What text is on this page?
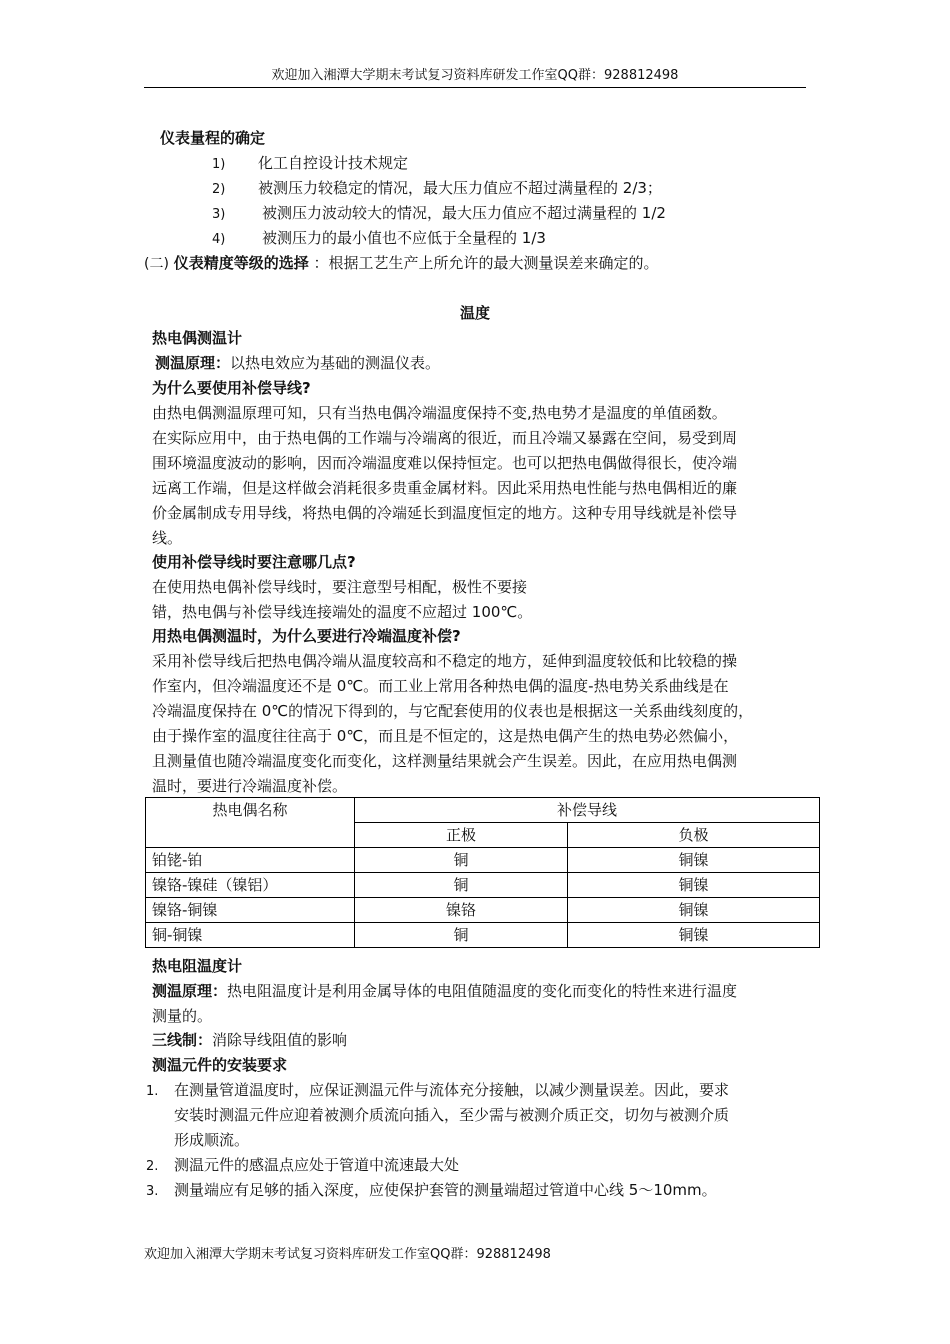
欢迎加入湘潭大学期末考试复习资料库研发工作室QQ群：928812498
仪表量程的确定
1) 化工自控设计技术规定
2) 被测压力较稳定的情况，最大压力值应不超过满量程的 2/3；
3) 被测压力波动较大的情况，最大压力值应不超过满量程的 1/2
4) 被测压力的最小值也不应低于全量程的 1/3
(二) 仪表精度等级的选择 ：根据工艺生产上所允许的最大测量误差来确定的。
温度
热电偶测温计
测温原理：以热电效应为基础的测温仪表。
为什么要使用补偿导线?
由热电偶测温原理可知，只有当热电偶冷端温度保持不变,热电势才是温度的单值函数。
在实际应用中，由于热电偶的工作端与冷端离的很近，而且冷端又暴露在空间，易受到周
围环境温度波动的影响，因而冷端温度难以保持恒定。也可以把热电偶做得很长，使冷端
远离工作端，但是这样做会消耗很多贵重金属材料。因此采用热电性能与热电偶相近的廉
价金属制成专用导线，将热电偶的冷端延长到温度恒定的地方。这种专用导线就是补偿导
线。
使用补偿导线时要注意哪几点?
在使用热电偶补偿导线时，要注意型号相配，极性不要接
错，热电偶与补偿导线连接端处的温度不应超过 100℃。
用热电偶测温时，为什么要进行冷端温度补偿?
采用补偿导线后把热电偶冷端从温度较高和不稳定的地方，延伸到温度较低和比较稳的操
作室内，但冷端温度还不是 0℃。而工业上常用各种热电偶的温度-热电势关系曲线是在
冷端温度保持在 0℃的情况下得到的，与它配套使用的仪表也是根据这一关系曲线刻度的，
由于操作室的温度往往高于 0℃，而且是不恒定的，这是热电偶产生的热电势必然偏小，
且测量值也随冷端温度变化而变化，这样测量结果就会产生误差。因此，在应用热电偶测
温时，要进行冷端温度补偿。
热电偶名称	补偿导线	
	正极	负极
铂铑-铂	铜	铜镍
镍铬-镍硅（镍铝）	铜	铜镍
镍铬-铜镍	镍铬	铜镍
铜-铜镍	铜	铜镍
热电阻温度计
测温原理：热电阻温度计是利用金属导体的电阻值随温度的变化而变化的特性来进行温度
测量的。
三线制：消除导线阻值的影响
测温元件的安装要求
1.	在测量管道温度时，应保证测温元件与流体充分接触，以减少测量误差。因此，要求
安装时测温元件应迎着被测介质流向插入，至少需与被测介质正交，切勿与被测介质
形成顺流。
2.	测温元件的感温点应处于管道中流速最大处
3.	测量端应有足够的插入深度，应使保护套管的测量端超过管道中心线 5～10mm。
欢迎加入湘潭大学期末考试复习资料库研发工作室QQ群：928812498
